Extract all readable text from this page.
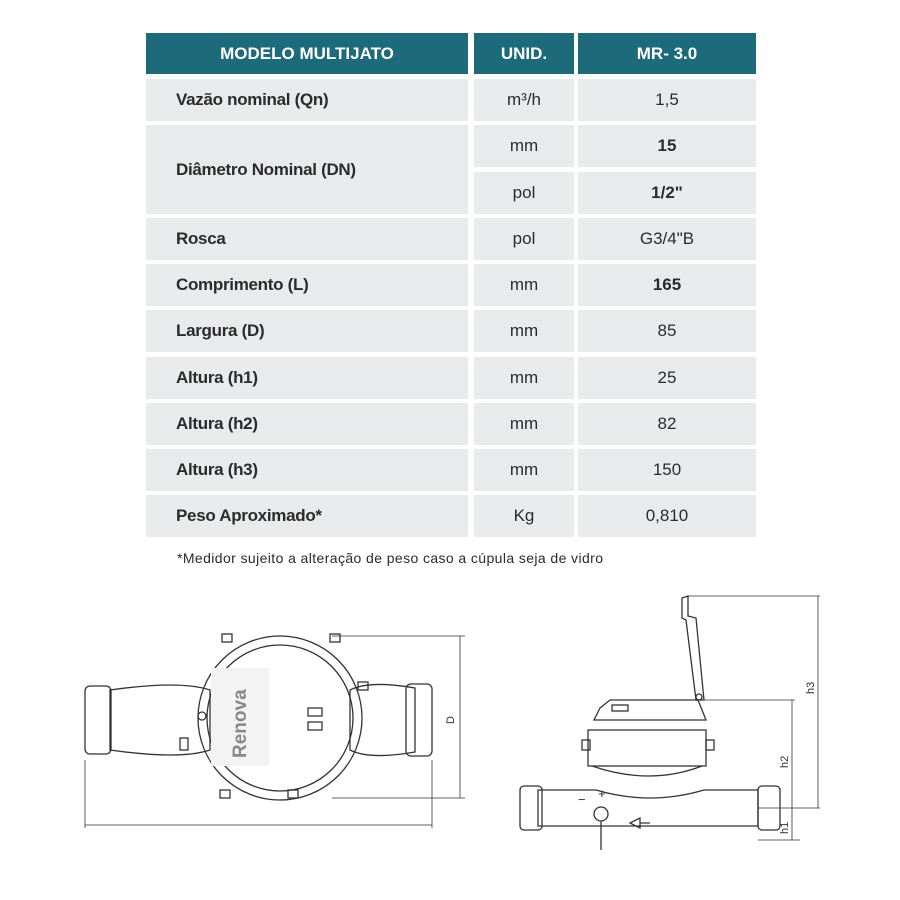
MODELO MULTIJATO	UNID.	MR- 3.0
Vazão nominal (Qn)	m³/h	1,5
Diâmetro Nominal (DN)
mm	15
pol	1/2"
Rosca	pol	G3/4"B
Comprimento (L)	mm	165
Largura (D)	mm	85
Altura (h1)	mm	25
Altura (h2)	mm	82
Altura (h3)	mm	150
Peso Aproximado*	Kg	0,810
*Medidor sujeito a alteração de peso caso a cúpula seja de vidro
Renova	D
− +
h3
h2
h1
